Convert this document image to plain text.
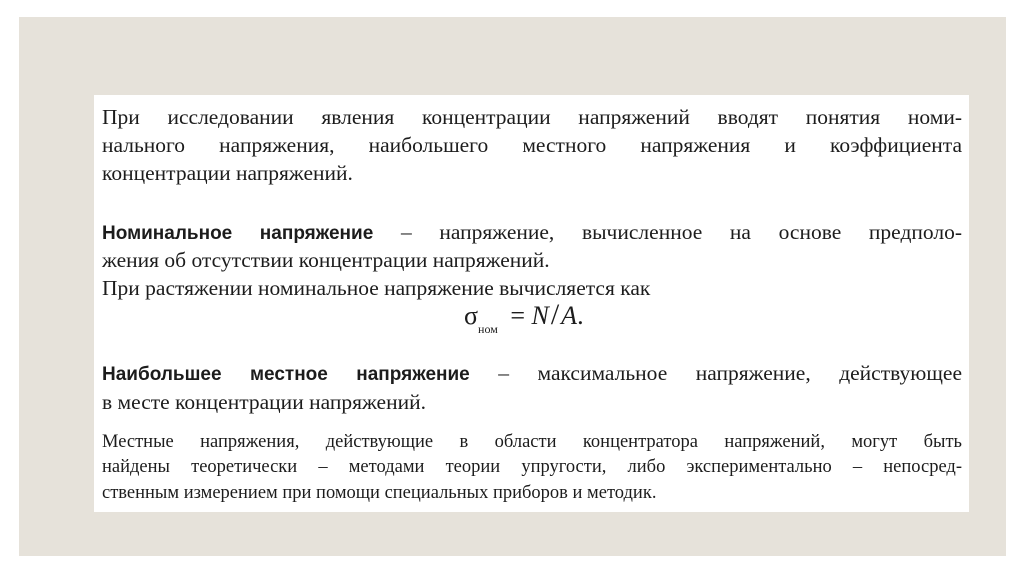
При исследовании явления концентрации напряжений вводят понятия номи-

нального напряжения, наибольшего местного напряжения и коэффициента

концентрации напряжений.

Номинальное напряжение – напряжение, вычисленное на основе предполо-

жения об отсутствии концентрации напряжений.

При растяжении номинальное напряжение вычисляется как

$\sigma_{ном} = N/A$.

Наибольшее местное напряжение – максимальное напряжение, действующее

в месте концентрации напряжений.

Местные напряжения, действующие в области концентратора напряжений, могут быть

найдены теоретически – методами теории упругости, либо экспериментально – непосред-

ственным измерением при помощи специальных приборов и методик.
